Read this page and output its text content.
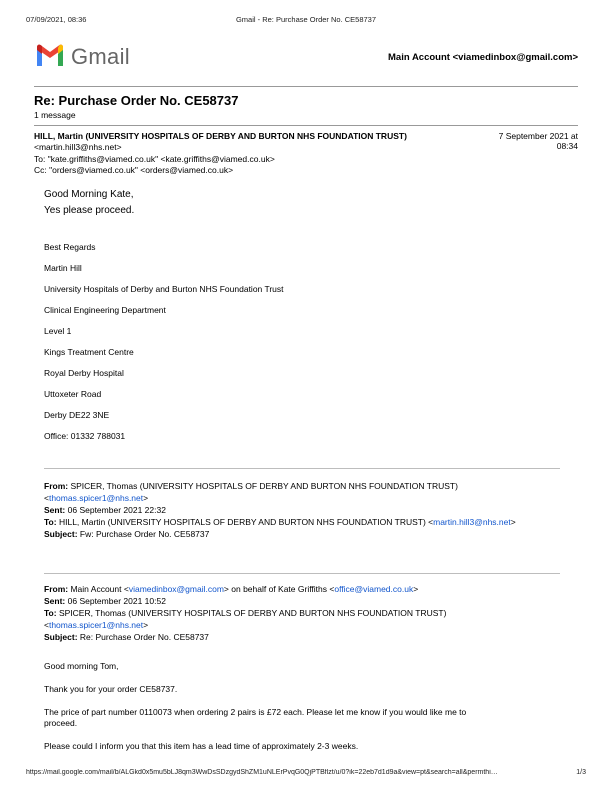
07/09/2021, 08:36	Gmail - Re: Purchase Order No. CE58737
Gmail	Main Account <viamedinbox@gmail.com>
Re: Purchase Order No. CE58737
1 message
HILL, Martin (UNIVERSITY HOSPITALS OF DERBY AND BURTON NHS FOUNDATION TRUST)
<martin.hill3@nhs.net>
7 September 2021 at
08:34
To: "kate.griffiths@viamed.co.uk" <kate.griffiths@viamed.co.uk>
Cc: "orders@viamed.co.uk" <orders@viamed.co.uk>
Good Morning Kate,
Yes please proceed.
Best Regards
Martin Hill
University Hospitals of Derby and Burton NHS Foundation Trust
Clinical Engineering Department
Level 1
Kings Treatment Centre
Royal Derby Hospital
Uttoxeter Road
Derby DE22 3NE
Office: 01332 788031
From: SPICER, Thomas (UNIVERSITY HOSPITALS OF DERBY AND BURTON NHS FOUNDATION TRUST)
<thomas.spicer1@nhs.net>
Sent: 06 September 2021 22:32
To: HILL, Martin (UNIVERSITY HOSPITALS OF DERBY AND BURTON NHS FOUNDATION TRUST) <martin.hill3@nhs.net>
Subject: Fw: Purchase Order No. CE58737
From: Main Account <viamedinbox@gmail.com> on behalf of Kate Griffiths <office@viamed.co.uk>
Sent: 06 September 2021 10:52
To: SPICER, Thomas (UNIVERSITY HOSPITALS OF DERBY AND BURTON NHS FOUNDATION TRUST)
<thomas.spicer1@nhs.net>
Subject: Re: Purchase Order No. CE58737
Good morning Tom,
Thank you for your order CE58737.
The price of part number 0110073 when ordering 2 pairs is £72 each. Please let me know if you would like me to
proceed.
Please could I inform you that this item has a lead time of approximately 2-3 weeks.
https://mail.google.com/mail/b/ALGkd0x5mu5bLJ8qm3WwDsSDzgydShZM1uNLErPvqG0QjPTBflzt/u/0?ik=22eb7d1d9a&view=pt&search=all&permthi…	1/3
